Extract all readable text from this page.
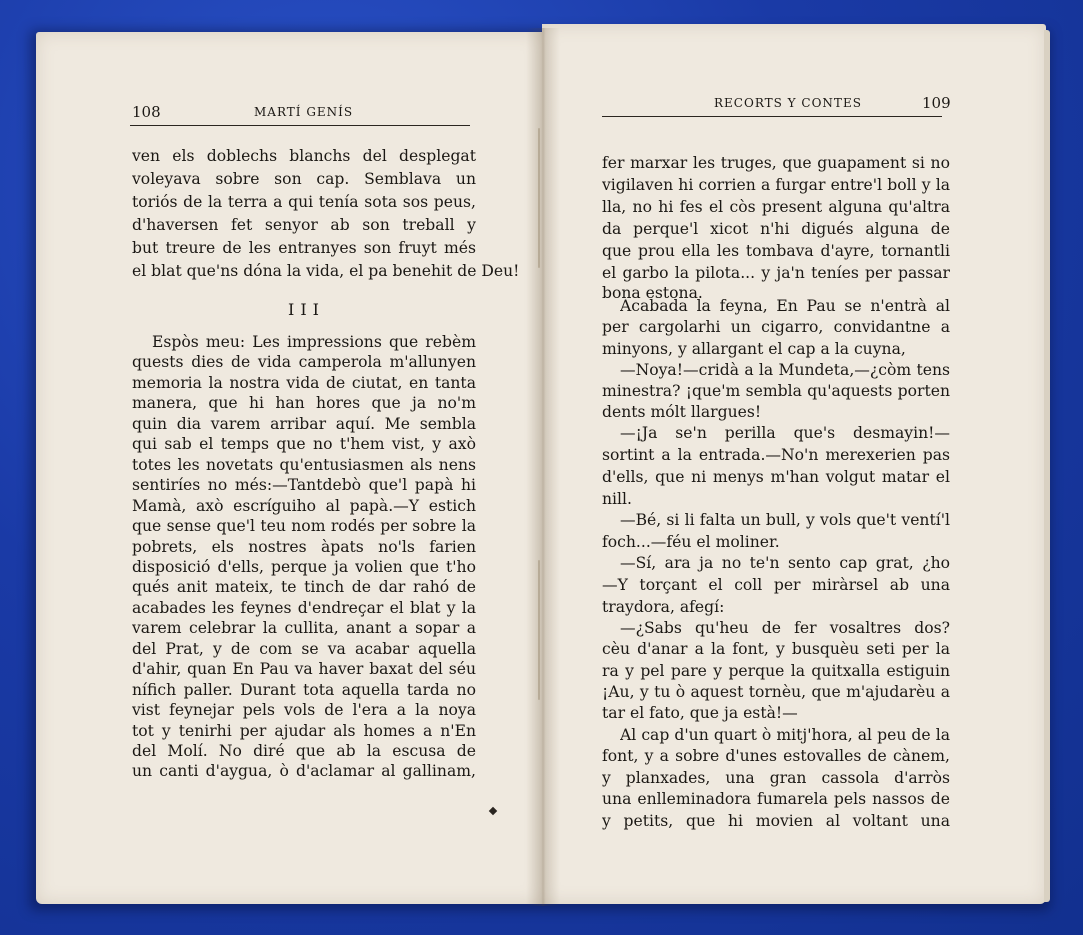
108	MARTÍ GENÍS
ven els doblechs blanchs del desplegat
voleyava sobre son cap. Semblava un
toriós de la terra a qui tenía sota sos peus,
d'haversen fet senyor ab son treball y
but treure de les entranyes son fruyt més
el blat que'ns dóna la vida, el pa benehit de Deu!
Espòs meu: Les impressions que rebèm
quests dies de vida camperola m'allunyen
memoria la nostra vida de ciutat, en tanta
manera, que hi han hores que ja no'm
quin dia varem arribar aquí. Me sembla
qui sab el temps que no t'hem vist, y axò
totes les novetats qu'entusiasmen als nens
sentiríes no més:—Tantdebò que'l papà hi
Mamà, axò escríguiho al papà.—Y estich
que sense que'l teu nom rodés per sobre la
pobrets, els nostres àpats no'ls farien
disposició d'ells, perque ja volien que t'ho
qués anit mateix, te tinch de dar rahó de
acabades les feynes d'endreçar el blat y la
varem celebrar la cullita, anant a sopar a
del Prat, y de com se va acabar aquella
d'ahir, quan En Pau va haver baxat del séu
nífich paller. Durant tota aquella tarda no
vist feynejar pels vols de l'era a la noya
tot y tenirhi per ajudar als homes a n'En
del Molí. No diré que ab la escusa de
un canti d'aygua, ò d'aclamar al gallinam,
III
RECORTS Y CONTES	109
fer marxar les truges, que guapament si no
vigilaven hi corrien a furgar entre'l boll y la
lla, no hi fes el còs present alguna qu'altra
da perque'l xicot n'hi digués alguna de
que prou ella les tombava d'ayre, tornantli
el garbo la pilota... y ja'n teníes per passar
bona estona.
Acabada la feyna, En Pau se n'entrà al
per cargolarhi un cigarro, convidantne a
minyons, y allargant el cap a la cuyna,
—Noya!—cridà a la Mundeta,—¿còm tens
minestra? ¡que'm sembla qu'aquests porten
dents mólt llargues!
—¡Ja se'n perilla que's desmayin!—
sortint a la entrada.—No'n merexerien pas
d'ells, que ni menys m'han volgut matar el
nill.
—Bé, si li falta un bull, y vols que't ventí'l
foch...—féu el moliner.
—Sí, ara ja no te'n sento cap grat, ¿ho
—Y torçant el coll per miràrsel ab una
traydora, afegí:
—¿Sabs qu'heu de fer vosaltres dos?
cèu d'anar a la font, y busquèu seti per la
ra y pel pare y perque la quitxalla estiguin
¡Au, y tu ò aquest tornèu, que m'ajudarèu a
tar el fato, que ja està!—
Al cap d'un quart ò mitj'hora, al peu de la
font, y a sobre d'unes estovalles de cànem,
y planxades, una gran cassola d'arròs
una enlleminadora fumarela pels nassos de
y petits, que hi movien al voltant una
